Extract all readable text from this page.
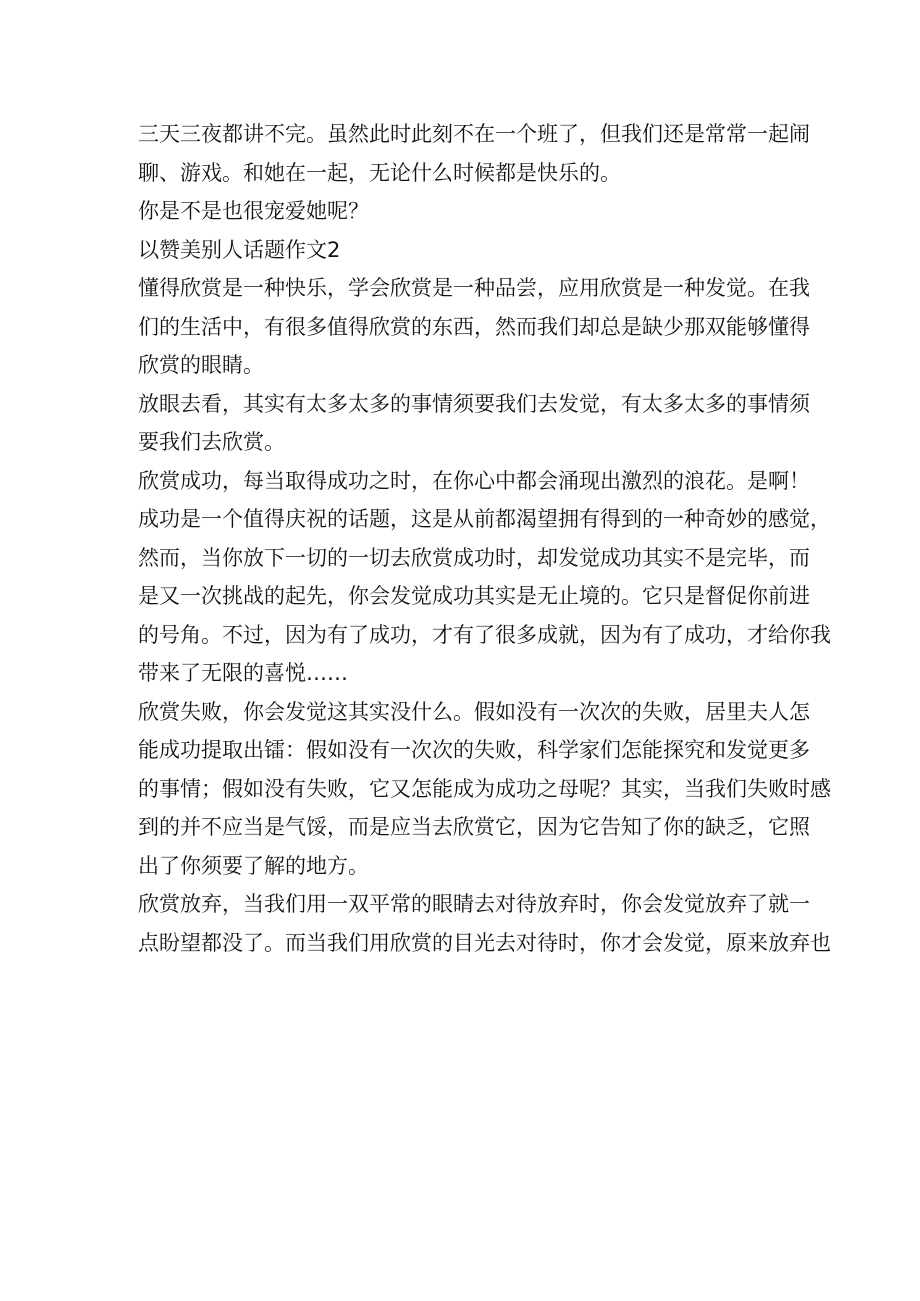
三天三夜都讲不完。虽然此时此刻不在一个班了，但我们还是常常一起闹
聊、游戏。和她在一起，无论什么时候都是快乐的。
你是不是也很宠爱她呢？
以赞美别人话题作文2
懂得欣赏是一种快乐，学会欣赏是一种品尝，应用欣赏是一种发觉。在我
们的生活中，有很多值得欣赏的东西，然而我们却总是缺少那双能够懂得
欣赏的眼睛。
放眼去看，其实有太多太多的事情须要我们去发觉，有太多太多的事情须
要我们去欣赏。
欣赏成功，每当取得成功之时，在你心中都会涌现出激烈的浪花。是啊！
成功是一个值得庆祝的话题，这是从前都渴望拥有得到的一种奇妙的感觉，
然而，当你放下一切的一切去欣赏成功时，却发觉成功其实不是完毕，而
是又一次挑战的起先，你会发觉成功其实是无止境的。它只是督促你前进
的号角。不过，因为有了成功，才有了很多成就，因为有了成功，才给你我
带来了无限的喜悦……
欣赏失败，你会发觉这其实没什么。假如没有一次次的失败，居里夫人怎
能成功提取出镭：假如没有一次次的失败，科学家们怎能探究和发觉更多
的事情；假如没有失败，它又怎能成为成功之母呢？其实，当我们失败时感
到的并不应当是气馁，而是应当去欣赏它，因为它告知了你的缺乏，它照
出了你须要了解的地方。
欣赏放弃，当我们用一双平常的眼睛去对待放弃时，你会发觉放弃了就一
点盼望都没了。而当我们用欣赏的目光去对待时，你才会发觉，原来放弃也
